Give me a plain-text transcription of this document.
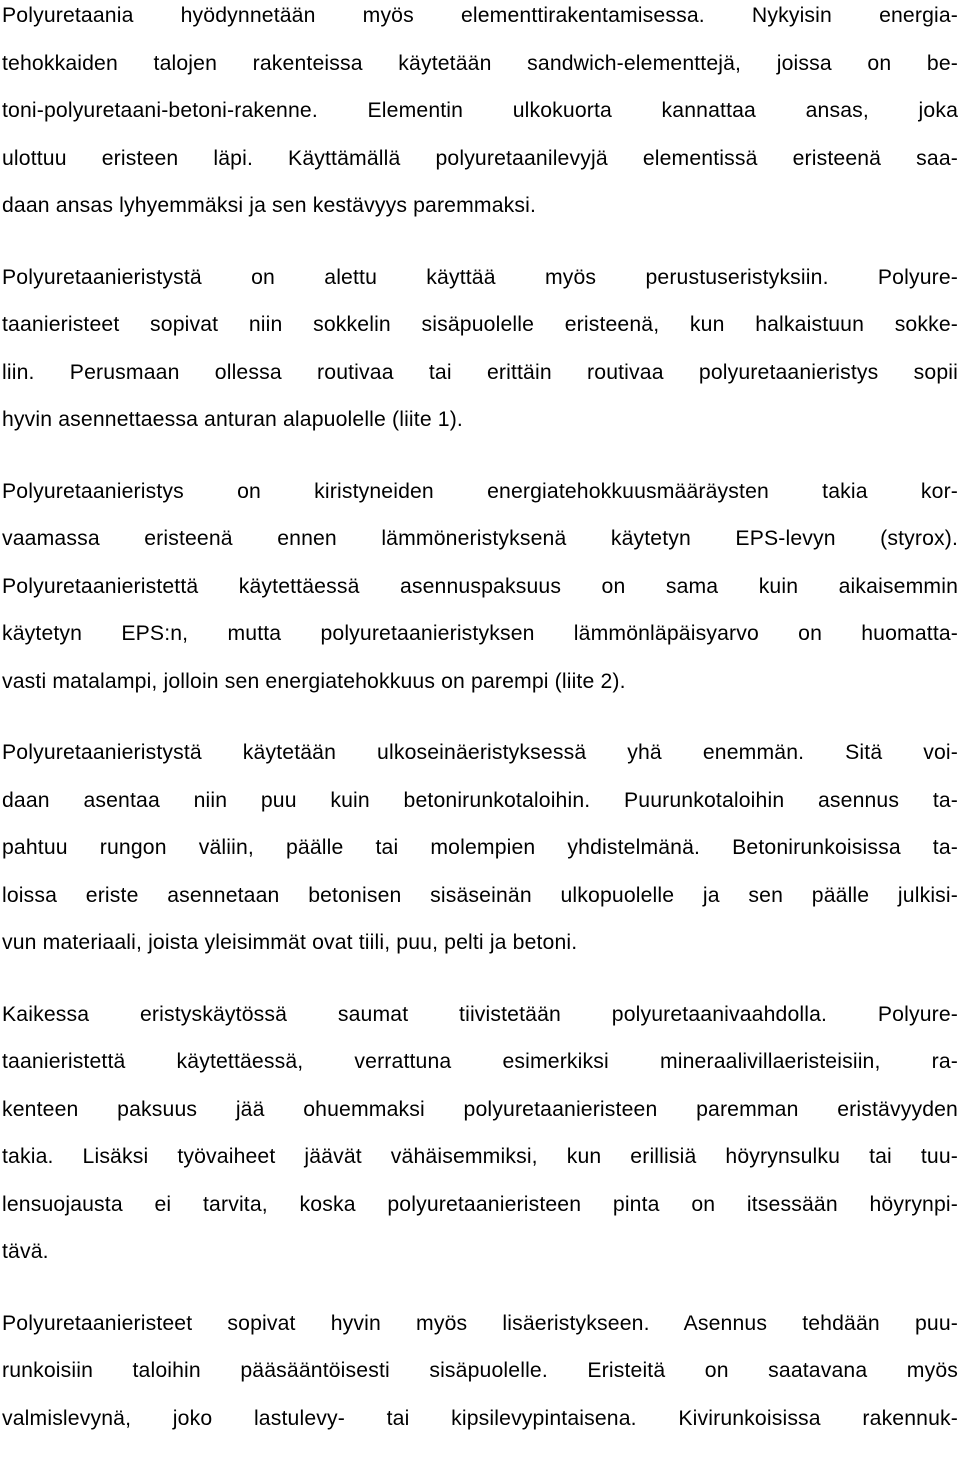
Polyuretaania hyödynnetään myös elementtirakentamisessa. Nykyisin energia-
tehokkaiden talojen rakenteissa käytetään sandwich-elementtejä, joissa on be-
toni-polyuretaani-betoni-rakenne. Elementin ulkokuorta kannattaa ansas, joka
ulottuu eristeen läpi. Käyttämällä polyuretaanilevyjä elementissä eristeenä saa-
daan ansas lyhyemmäksi ja sen kestävyys paremmaksi.
Polyuretaanieristystä on alettu käyttää myös perustuseristyksiin. Polyure-
taanieristeet sopivat niin sokkelin sisäpuolelle eristeenä, kun halkaistuun sokke-
liin. Perusmaan ollessa routivaa tai erittäin routivaa polyuretaanieristys sopii
hyvin asennettaessa anturan alapuolelle (liite 1).
Polyuretaanieristys on kiristyneiden energiatehokkuusmääräysten takia kor-
vaamassa eristeenä ennen lämmöneristyksenä käytetyn EPS-levyn (styrox).
Polyuretaanieristettä käytettäessä asennuspaksuus on sama kuin aikaisemmin
käytetyn EPS:n, mutta polyuretaanieristyksen lämmönläpäisyarvo on huomatta-
vasti matalampi, jolloin sen energiatehokkuus on parempi (liite 2).
Polyuretaanieristystä käytetään ulkoseinäeristyksessä yhä enemmän. Sitä voi-
daan asentaa niin puu kuin betonirunkotaloihin. Puurunkotaloihin asennus ta-
pahtuu rungon väliin, päälle tai molempien yhdistelmänä. Betonirunkoisissa ta-
loissa eriste asennetaan betonisen sisäseinän ulkopuolelle ja sen päälle julkisi-
vun materiaali, joista yleisimmät ovat tiili, puu, pelti ja betoni.
Kaikessa eristyskäytössä saumat tiivistetään polyuretaanivaahdolla. Polyure-
taanieristettä käytettäessä, verrattuna esimerkiksi mineraalivillaeristeisiin, ra-
kenteen paksuus jää ohuemmaksi polyuretaanieristeen paremman eristävyyden
takia. Lisäksi työvaiheet jäävät vähäisemmiksi, kun erillisiä höyrynsulku tai tuu-
lensuojausta ei tarvita, koska polyuretaanieristeen pinta on itsessään höyrynpi-
tävä.
Polyuretaanieristeet sopivat hyvin myös lisäeristykseen. Asennus tehdään puu-
runkoisiin taloihin pääsääntöisesti sisäpuolelle. Eristeitä on saatavana myös
valmislevynä, joko lastulevy- tai kipsilevypintaisena. Kivirunkoisissa rakennuk-
